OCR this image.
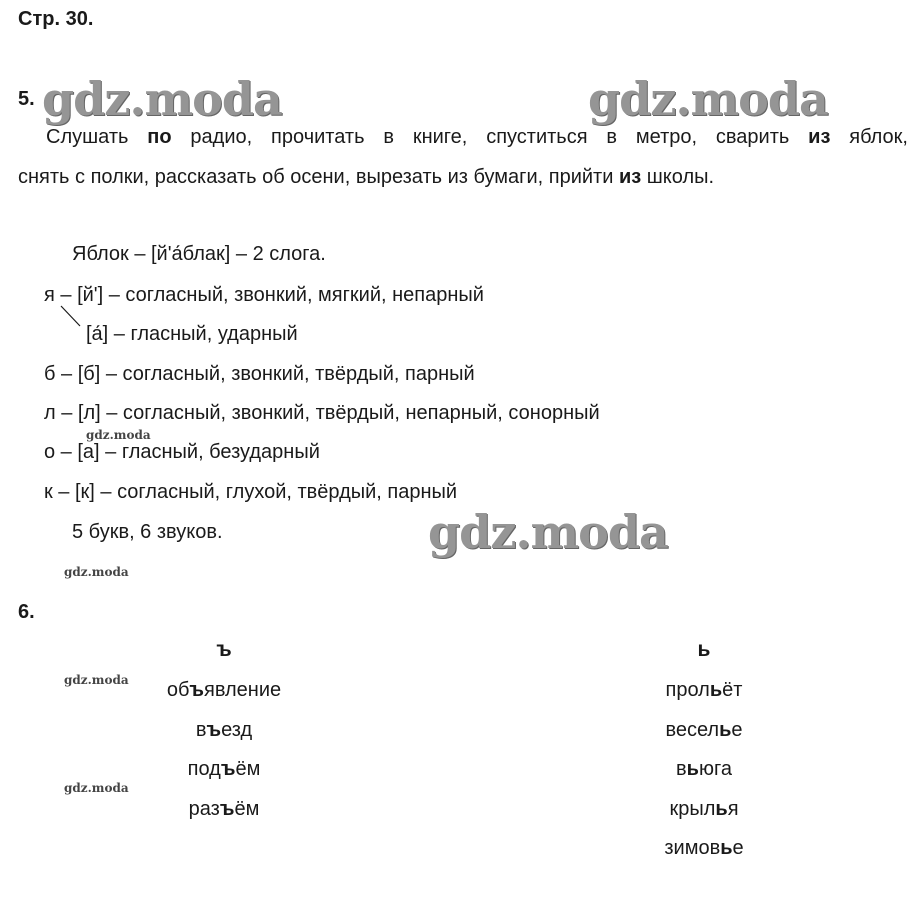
Стр. 30.
gdz.moda	gdz.moda
gdz.moda
gdz.moda
gdz.moda
gdz.moda
gdz.moda
5.
Слушать по радио, прочитать в книге, спуститься в метро, сварить из яблок,
снять с полки, рассказать об осени, вырезать из бумаги, прийти из школы.
Яблок – [й'а́блак] – 2 слога.
я – [й'] – согласный, звонкий, мягкий, непарный
[а́] – гласный, ударный
б – [б] – согласный, звонкий, твёрдый, парный
л – [л] – согласный, звонкий, твёрдый, непарный, сонорный
о – [а] – гласный, безударный
к – [к] – согласный, глухой, твёрдый, парный
5 букв, 6 звуков.
6.
ъ	ь
объявление
въезд
подъём
разъём
прольёт
веселье
вьюга
крылья
зимовье
